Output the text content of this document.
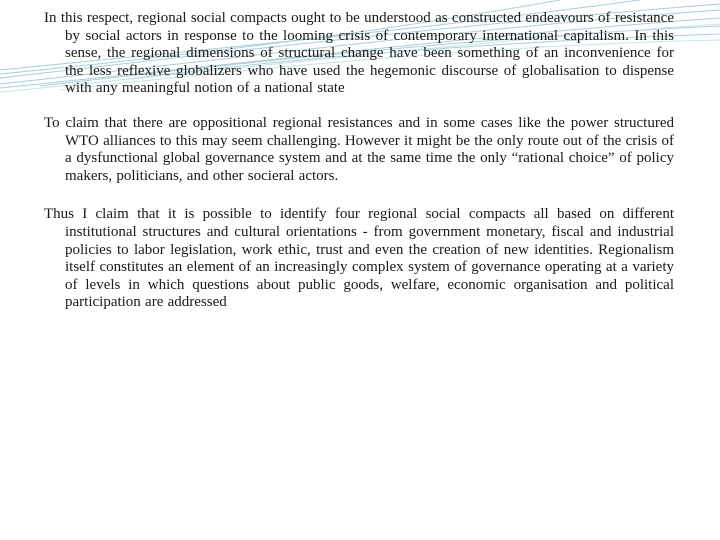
In this respect, regional social compacts ought to be understood as constructed endeavours of resistance by social actors in response to the looming crisis of contemporary international capitalism. In this sense, the regional dimensions of structural change have been something of an inconvenience for the less reflexive globalizers who have used the hegemonic discourse of globalisation to dispense with any meaningful notion of a national state

To claim that there are oppositional regional resistances and in some cases like the power structured WTO alliances to this may seem challenging. However it might be the only route out of the crisis of a dysfunctional global governance system and at the same time the only “rational choice” of policy makers, politicians, and other socieral actors.

Thus I claim that it is possible to identify four regional social compacts all based on different institutional structures and cultural orientations - from government monetary, fiscal and industrial policies to labor legislation, work ethic, trust and even the creation of new identities. Regionalism itself constitutes an element of an increasingly complex system of governance operating at a variety of levels in which questions about public goods, welfare, economic organisation and political participation are addressed
